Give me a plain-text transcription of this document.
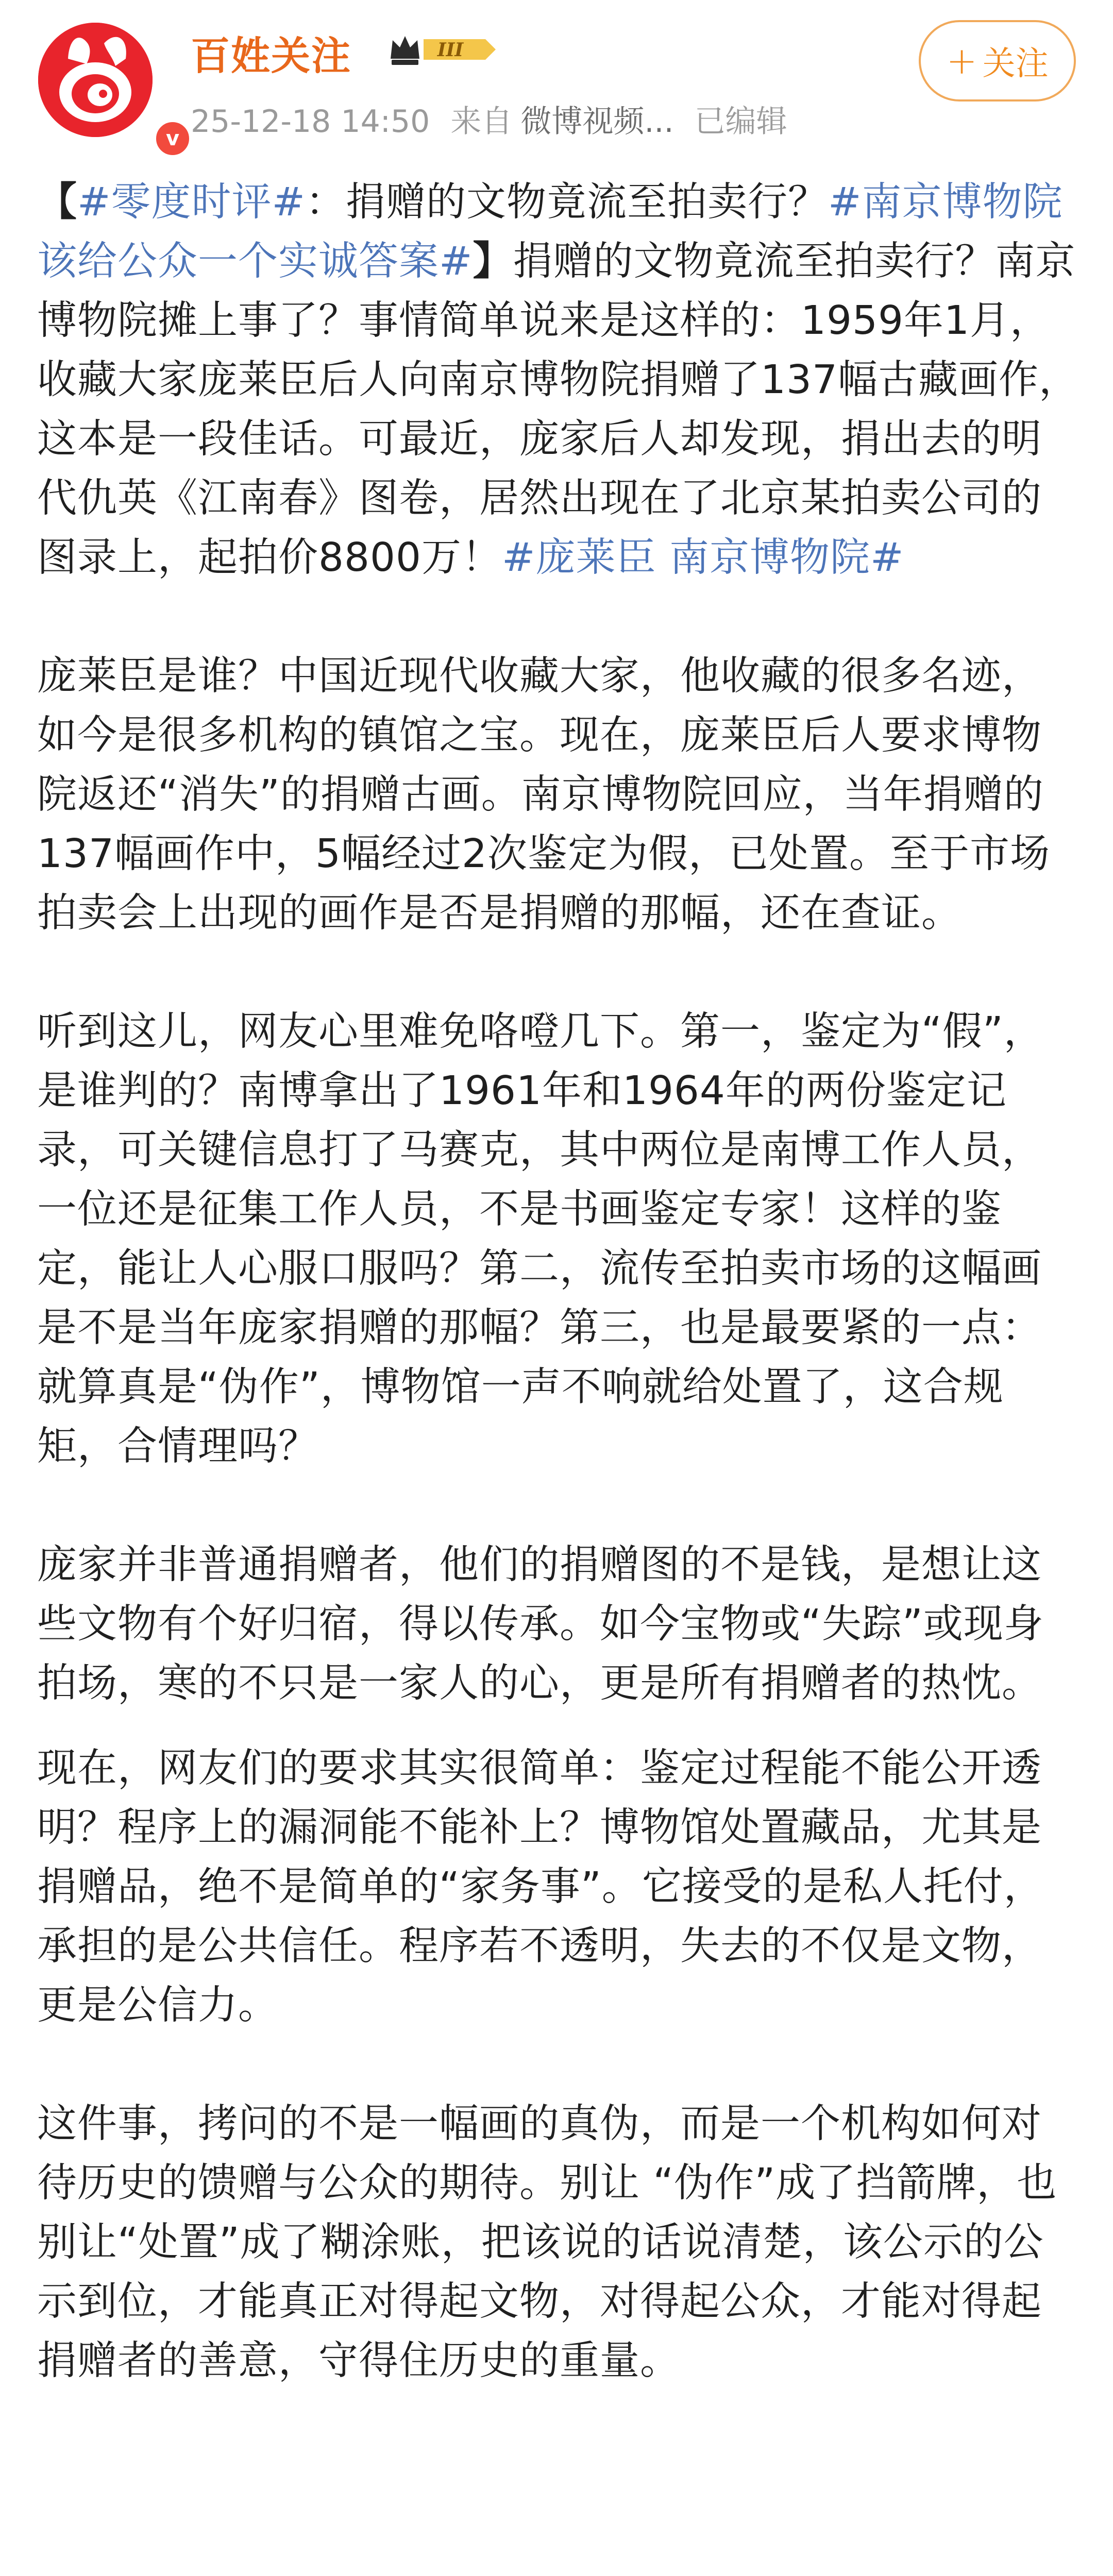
v
百姓关注	III
25-12-18 14:50 来自 微博视频... 已编辑
+ 关注

【#零度时评#：捐赠的文物竟流至拍卖行？#南京博物院该给公众一个实诚答案#】捐赠的文物竟流至拍卖行？南京博物院摊上事了？事情简单说来是这样的：1959年1月，收藏大家庞莱臣后人向南京博物院捐赠了137幅古藏画作，这本是一段佳话。可最近，庞家后人却发现，捐出去的明代仇英《江南春》图卷，居然出现在了北京某拍卖公司的图录上，起拍价8800万！#庞莱臣 南京博物院#

庞莱臣是谁？中国近现代收藏大家，他收藏的很多名迹，如今是很多机构的镇馆之宝。现在，庞莱臣后人要求博物院返还“消失”的捐赠古画。南京博物院回应，当年捐赠的137幅画作中，5幅经过2次鉴定为假，已处置。至于市场拍卖会上出现的画作是否是捐赠的那幅，还在查证。

听到这儿，网友心里难免咯噔几下。第一，鉴定为“假”，是谁判的？南博拿出了1961年和1964年的两份鉴定记录，可关键信息打了马赛克，其中两位是南博工作人员，一位还是征集工作人员，不是书画鉴定专家！这样的鉴定，能让人心服口服吗？第二，流传至拍卖市场的这幅画是不是当年庞家捐赠的那幅？第三，也是最要紧的一点：就算真是“伪作”，博物馆一声不响就给处置了，这合规矩，合情理吗？

庞家并非普通捐赠者，他们的捐赠图的不是钱，是想让这些文物有个好归宿，得以传承。如今宝物或“失踪”或现身拍场，寒的不只是一家人的心，更是所有捐赠者的热忱。

现在，网友们的要求其实很简单：鉴定过程能不能公开透明？程序上的漏洞能不能补上？博物馆处置藏品，尤其是捐赠品，绝不是简单的“家务事”。它接受的是私人托付，承担的是公共信任。程序若不透明，失去的不仅是文物，更是公信力。

这件事，拷问的不是一幅画的真伪，而是一个机构如何对待历史的馈赠与公众的期待。别让 “伪作”成了挡箭牌，也别让“处置”成了糊涂账，把该说的话说清楚，该公示的公示到位，才能真正对得起文物，对得起公众，才能对得起捐赠者的善意，守得住历史的重量。
